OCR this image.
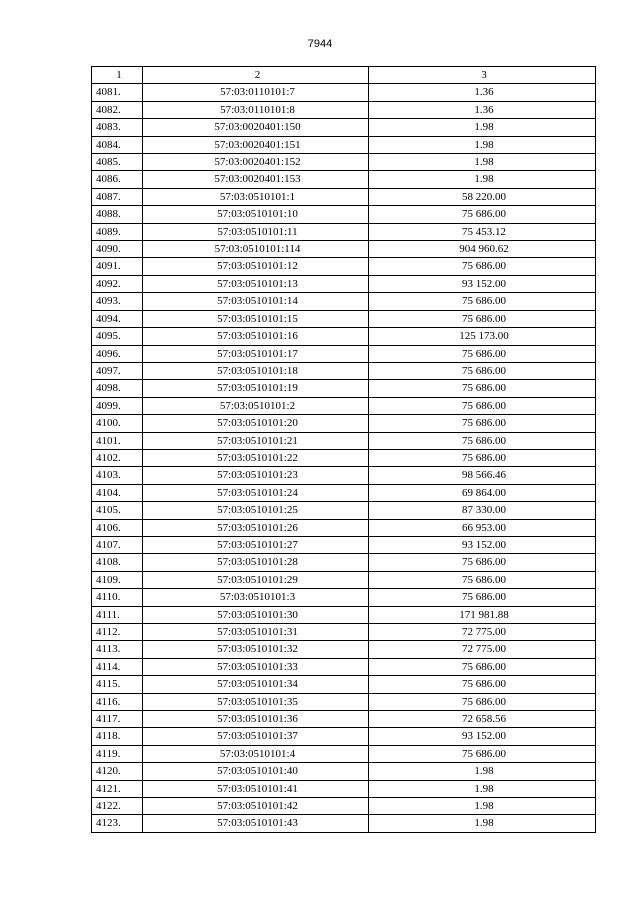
7944
1	2	3
4081.	57:03:0110101:7	1.36
4082.	57:03:0110101:8	1.36
4083.	57:03:0020401:150	1.98
4084.	57:03:0020401:151	1.98
4085.	57:03:0020401:152	1.98
4086.	57:03:0020401:153	1.98
4087.	57:03:0510101:1	58 220.00
4088.	57:03:0510101:10	75 686.00
4089.	57:03:0510101:11	75 453.12
4090.	57:03:0510101:114	904 960.62
4091.	57:03:0510101:12	75 686.00
4092.	57:03:0510101:13	93 152.00
4093.	57:03:0510101:14	75 686.00
4094.	57:03:0510101:15	75 686.00
4095.	57:03:0510101:16	125 173.00
4096.	57:03:0510101:17	75 686.00
4097.	57:03:0510101:18	75 686.00
4098.	57:03:0510101:19	75 686.00
4099.	57:03:0510101:2	75 686.00
4100.	57:03:0510101:20	75 686.00
4101.	57:03:0510101:21	75 686.00
4102.	57:03:0510101:22	75 686.00
4103.	57:03:0510101:23	98 566.46
4104.	57:03:0510101:24	69 864.00
4105.	57:03:0510101:25	87 330.00
4106.	57:03:0510101:26	66 953.00
4107.	57:03:0510101:27	93 152.00
4108.	57:03:0510101:28	75 686.00
4109.	57:03:0510101:29	75 686.00
4110.	57:03:0510101:3	75 686.00
4111.	57:03:0510101:30	171 981.88
4112.	57:03:0510101:31	72 775.00
4113.	57:03:0510101:32	72 775.00
4114.	57:03:0510101:33	75 686.00
4115.	57:03:0510101:34	75 686.00
4116.	57:03:0510101:35	75 686.00
4117.	57:03:0510101:36	72 658.56
4118.	57:03:0510101:37	93 152.00
4119.	57:03:0510101:4	75 686.00
4120.	57:03:0510101:40	1.98
4121.	57:03:0510101:41	1.98
4122.	57:03:0510101:42	1.98
4123.	57:03:0510101:43	1.98
